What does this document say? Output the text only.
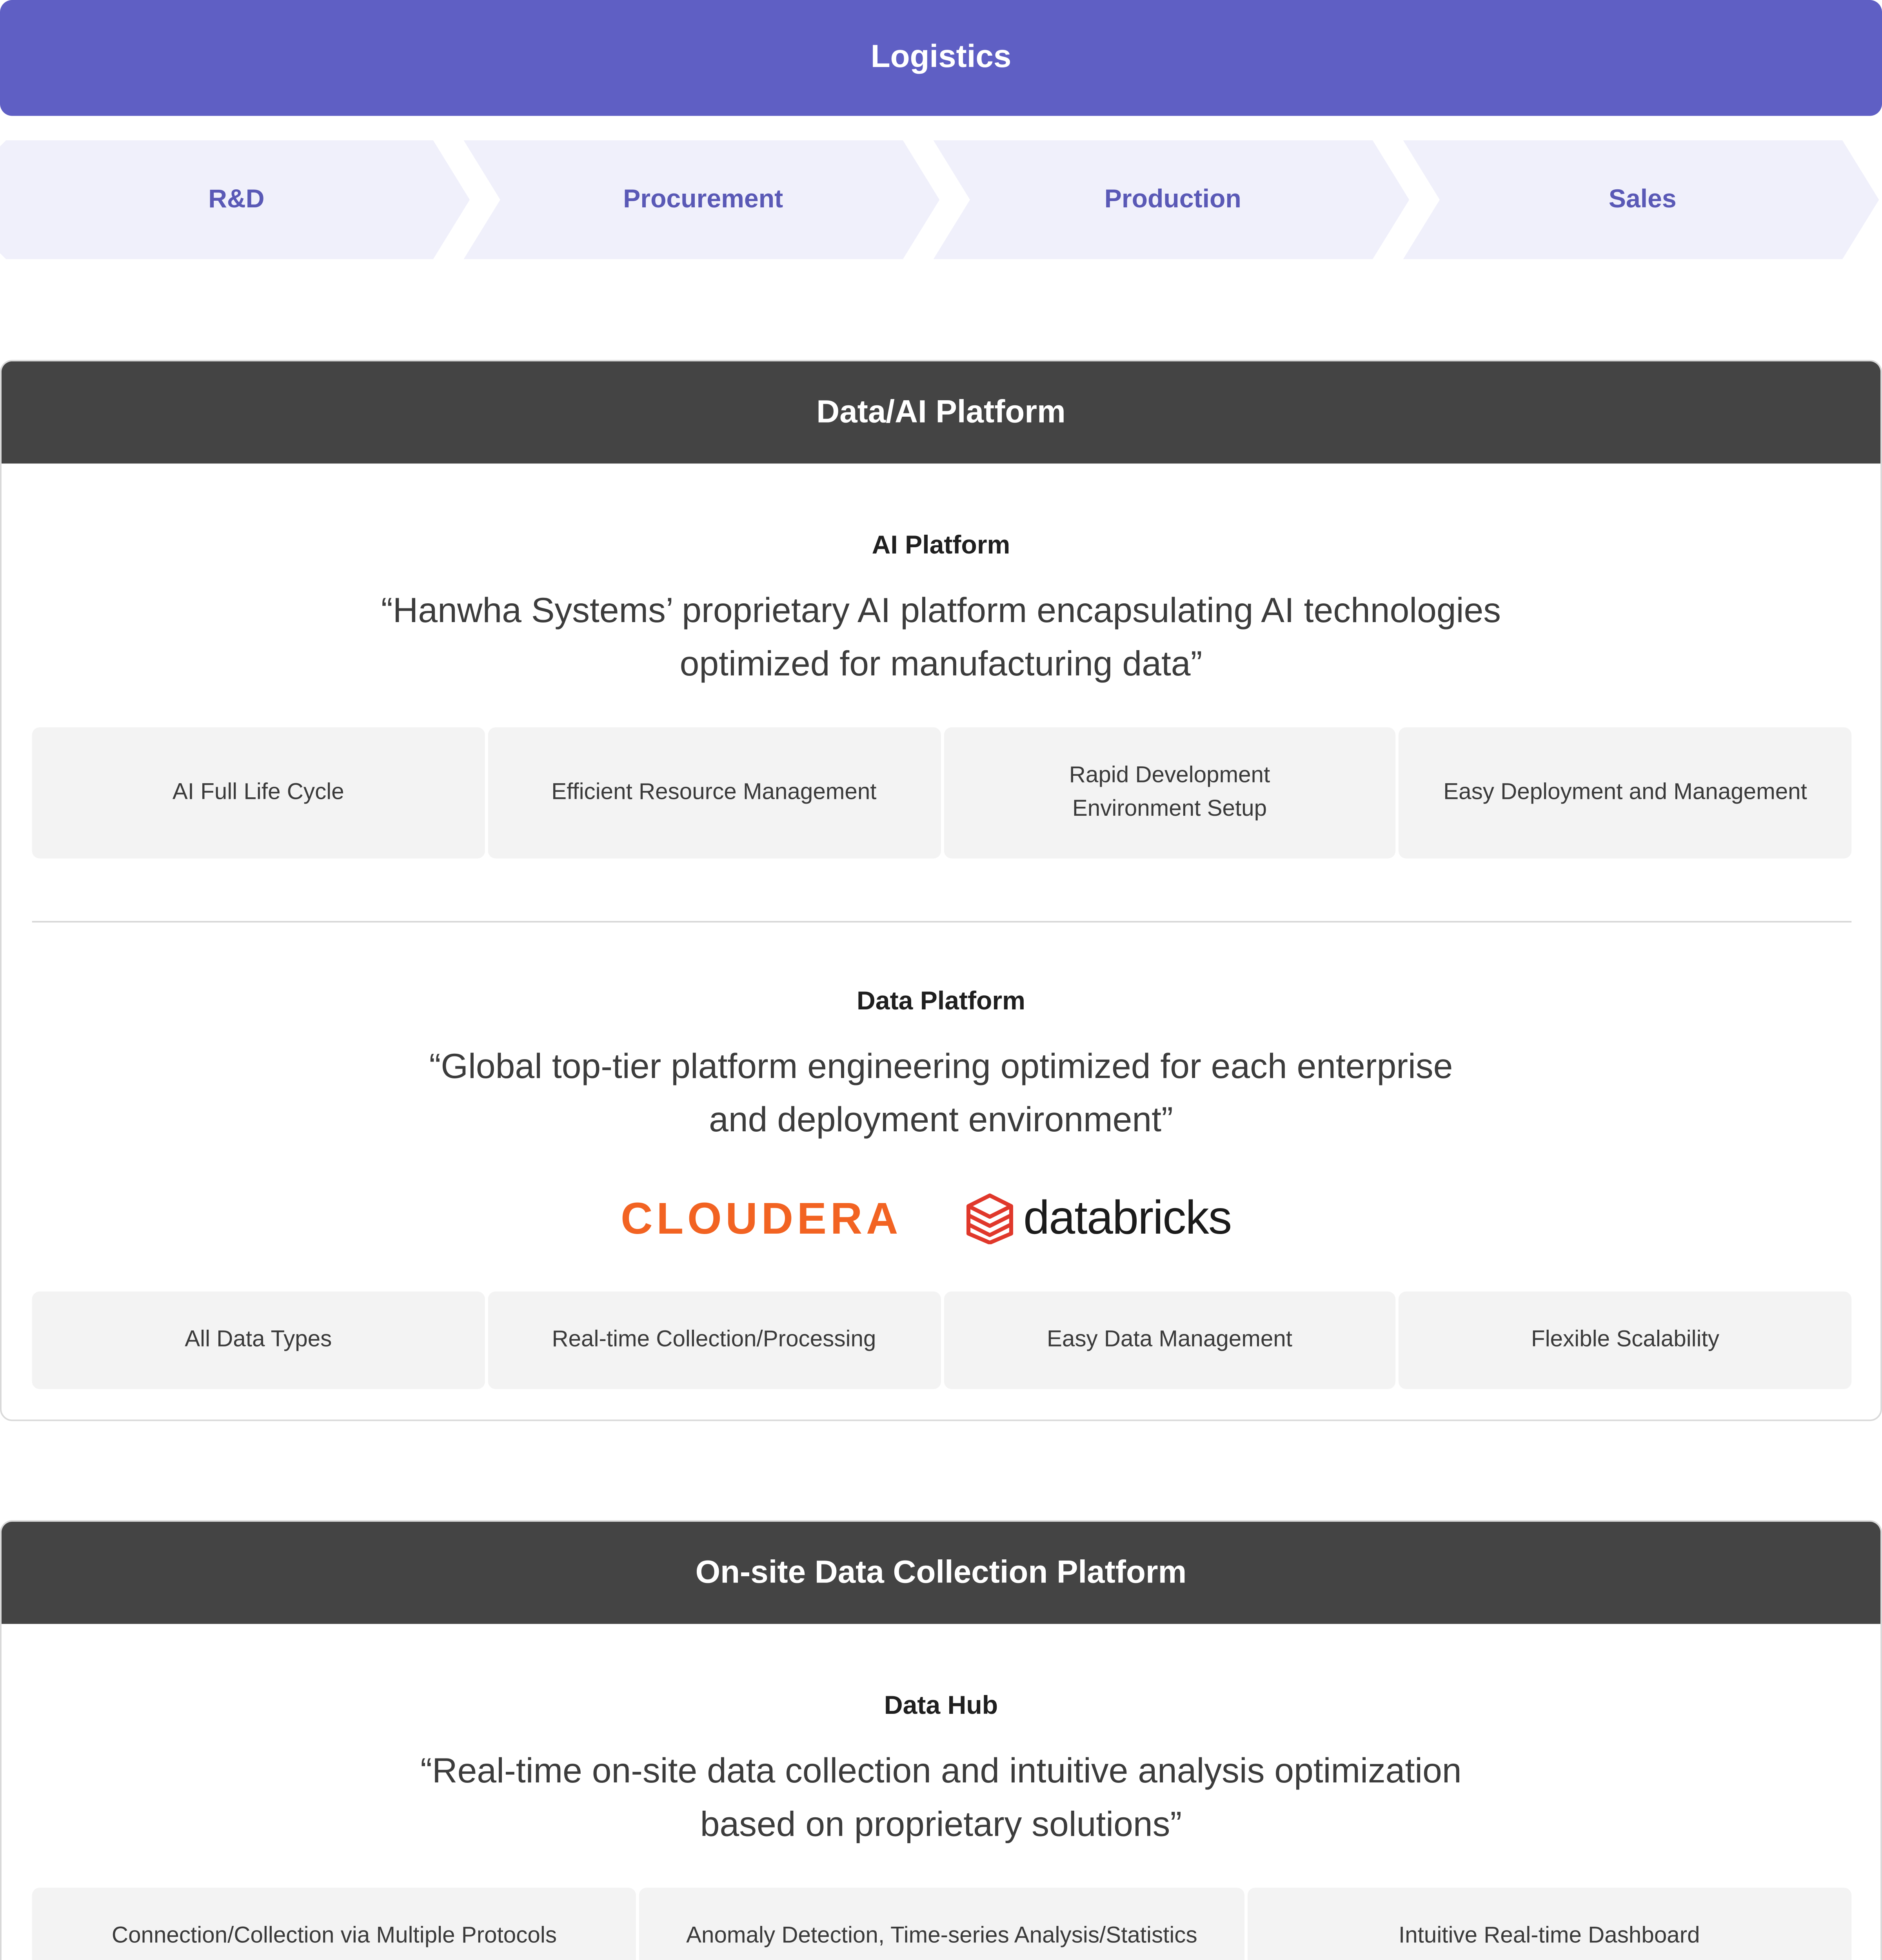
Logistics
R&D	Procurement	Production	Sales
Data/AI Platform
AI Platform
“Hanwha Systems’ proprietary AI platform encapsulating AI technologies
optimized for manufacturing data”
AI Full Life Cycle	Efficient Resource Management
Rapid Development
Environment Setup
Easy Deployment and Management
Data Platform
“Global top-tier platform engineering optimized for each enterprise
and deployment environment”
CLOUDERA	databricks
All Data Types	Real-time Collection/Processing	Easy Data Management	Flexible Scalability
On-site Data Collection Platform
Data Hub
“Real-time on-site data collection and intuitive analysis optimization
based on proprietary solutions”
Connection/Collection via Multiple Protocols	Anomaly Detection, Time-series Analysis/Statistics	Intuitive Real-time Dashboard
